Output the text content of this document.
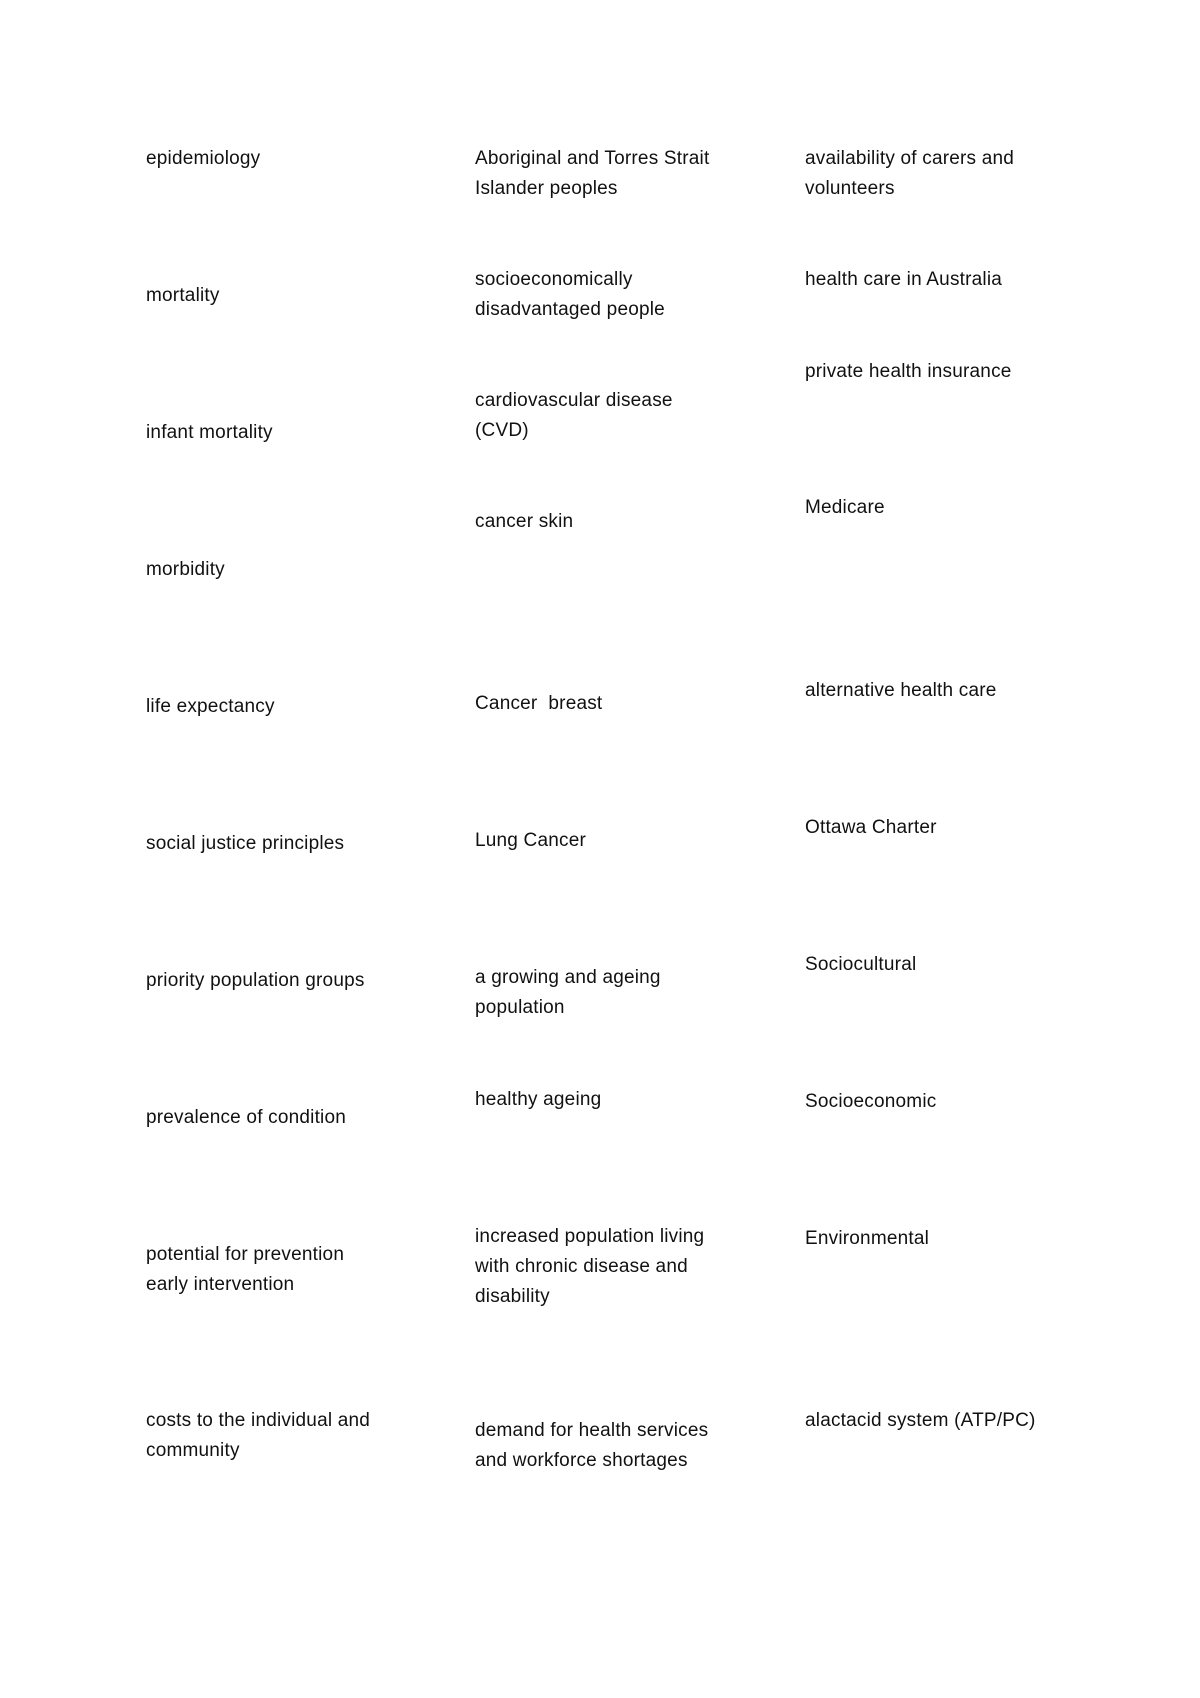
epidemiology
mortality
infant mortality
morbidity
life expectancy
social justice principles
priority population groups
prevalence of condition
potential for prevention early intervention
costs to the individual and community
Aboriginal and Torres Strait Islander peoples
socioeconomically disadvantaged people
cardiovascular disease (CVD)
cancer skin
Cancer  breast
Lung Cancer
a growing and ageing population
healthy ageing
increased population living with chronic disease and disability
demand for health services and workforce shortages
availability of carers and volunteers
health care in Australia
private health insurance
Medicare
alternative health care
Ottawa Charter
Sociocultural
Socioeconomic
Environmental
alactacid system (ATP/PC)
